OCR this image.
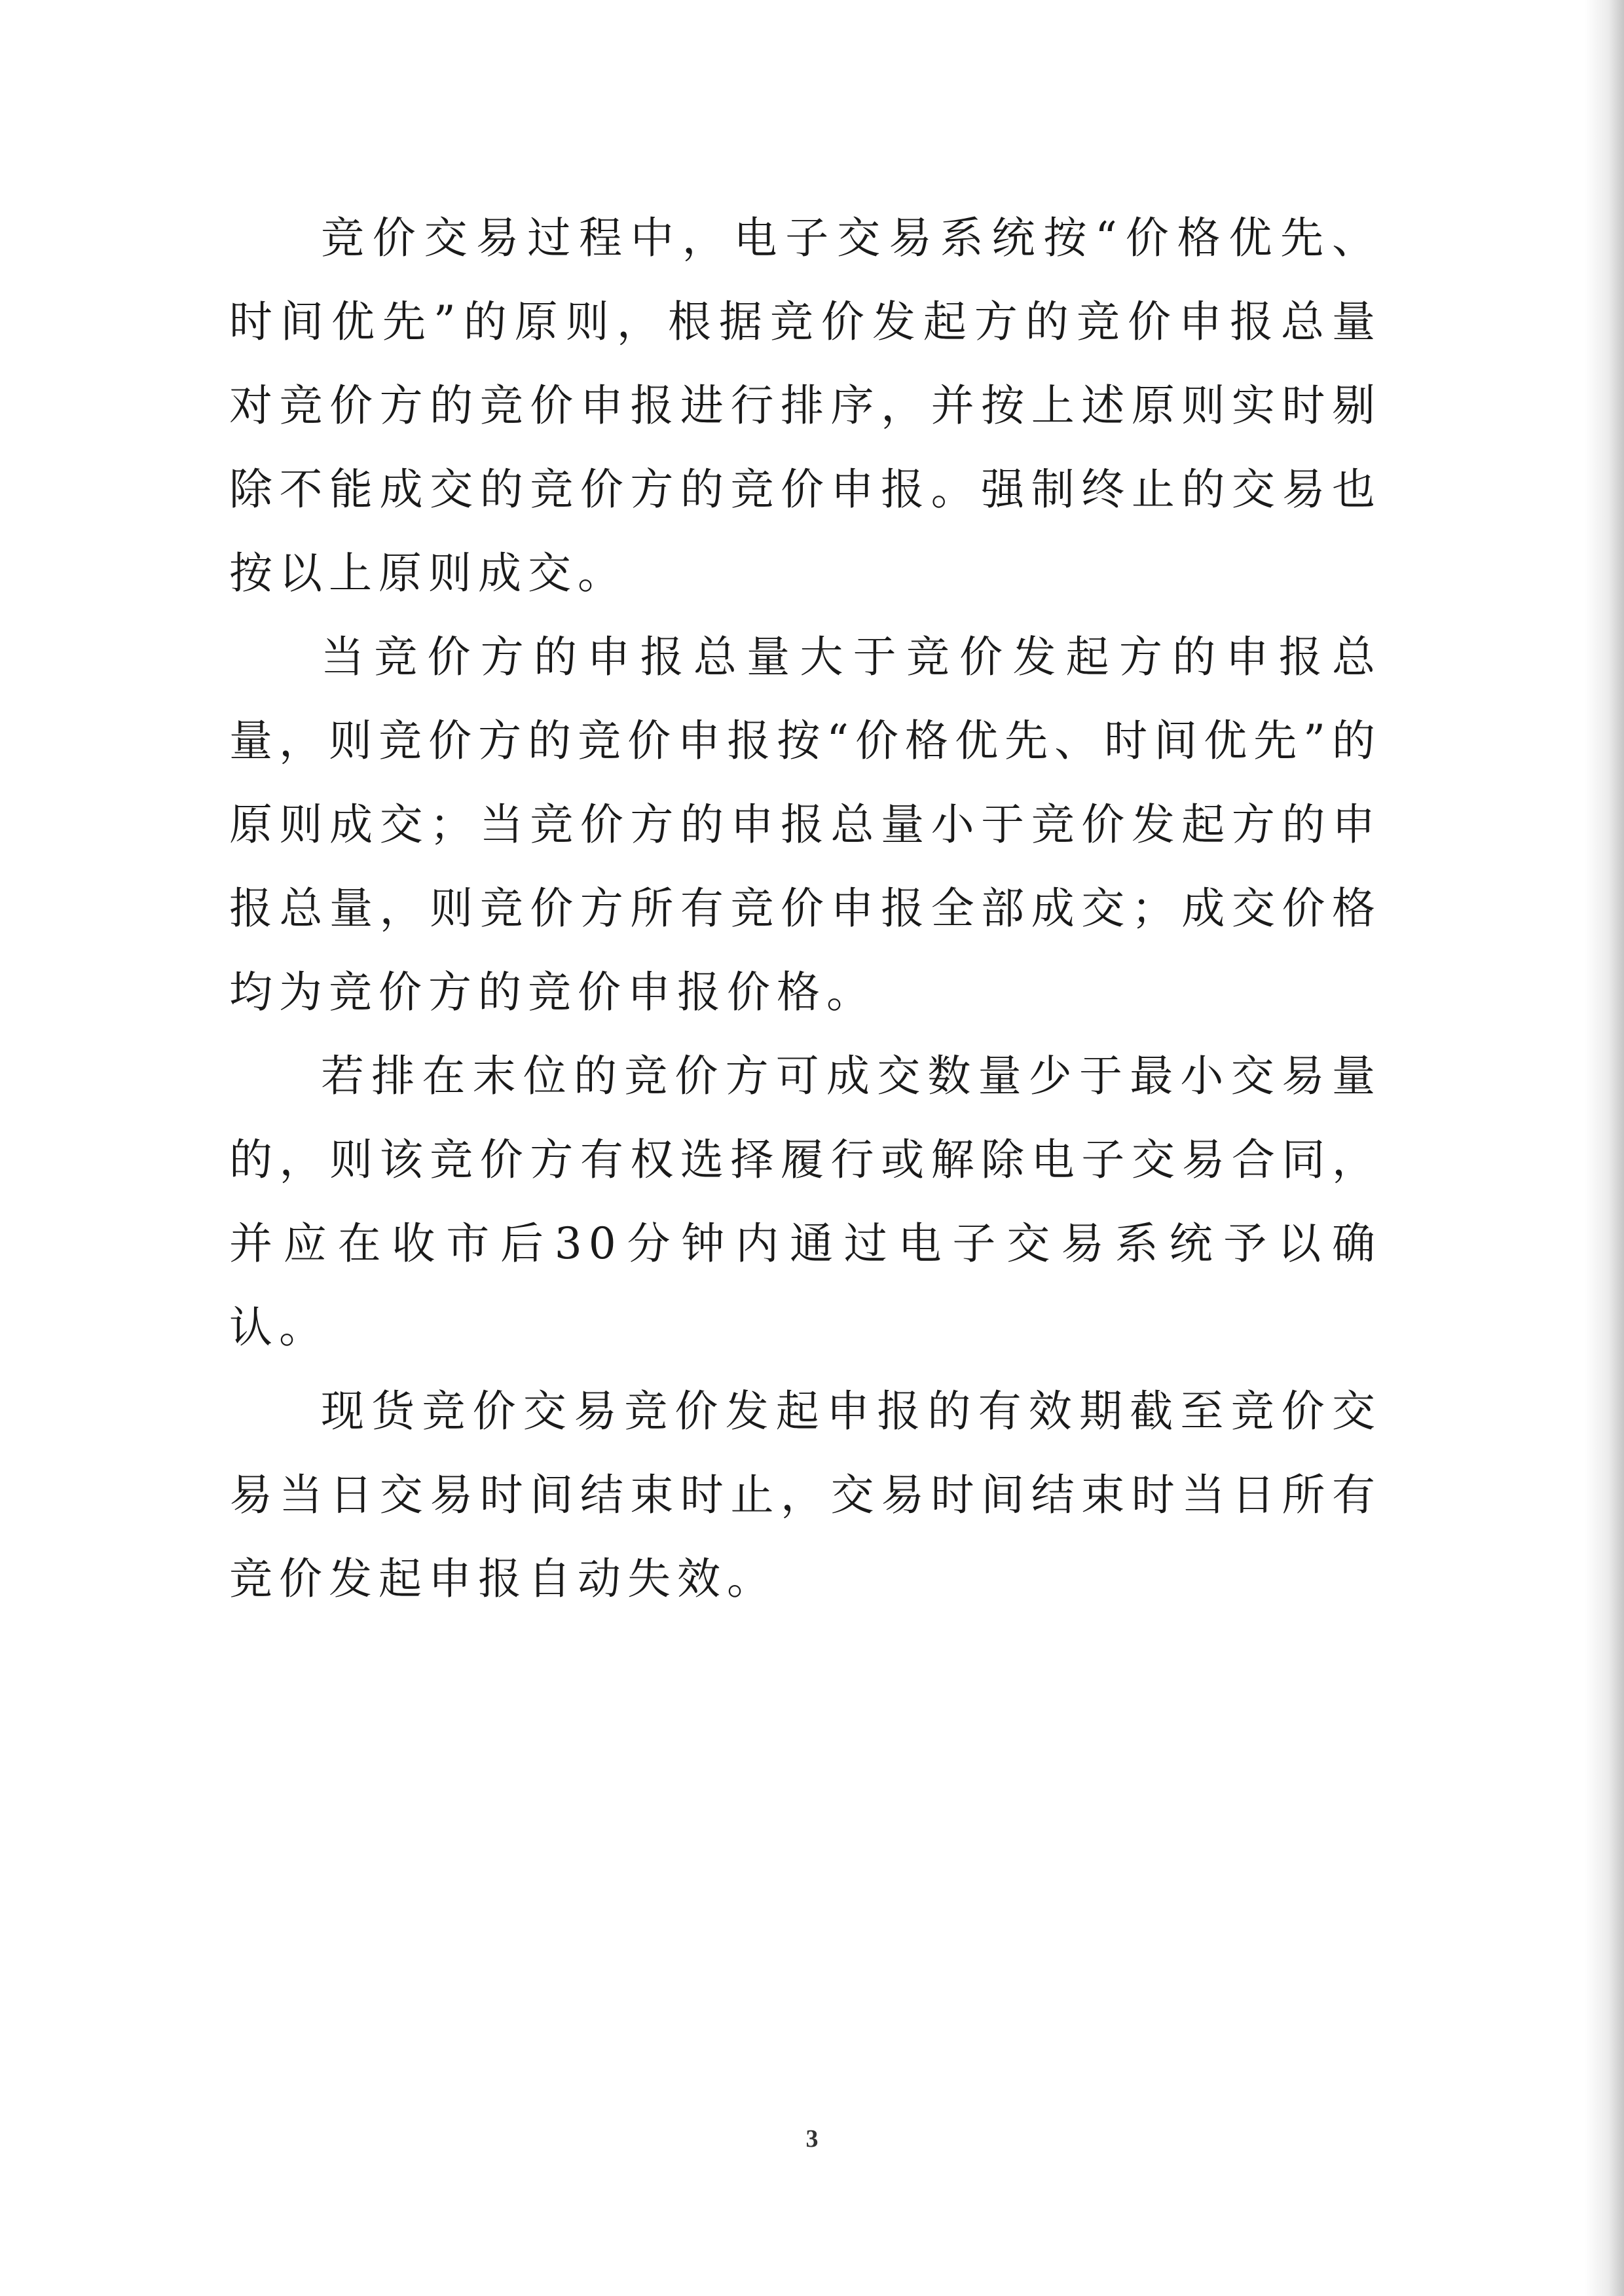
竞价交易过程中，电子交易系统按“价格优先、时间优先”的原则，根据竞价发起方的竞价申报总量对竞价方的竞价申报进行排序，并按上述原则实时剔除不能成交的竞价方的竞价申报。强制终止的交易也按以上原则成交。

当竞价方的申报总量大于竞价发起方的申报总量，则竞价方的竞价申报按“价格优先、时间优先”的原则成交；当竞价方的申报总量小于竞价发起方的申报总量，则竞价方所有竞价申报全部成交；成交价格均为竞价方的竞价申报价格。

若排在末位的竞价方可成交数量少于最小交易量的，则该竞价方有权选择履行或解除电子交易合同，并应在收市后30分钟内通过电子交易系统予以确认。

现货竞价交易竞价发起申报的有效期截至竞价交易当日交易时间结束时止，交易时间结束时当日所有竞价发起申报自动失效。

3
